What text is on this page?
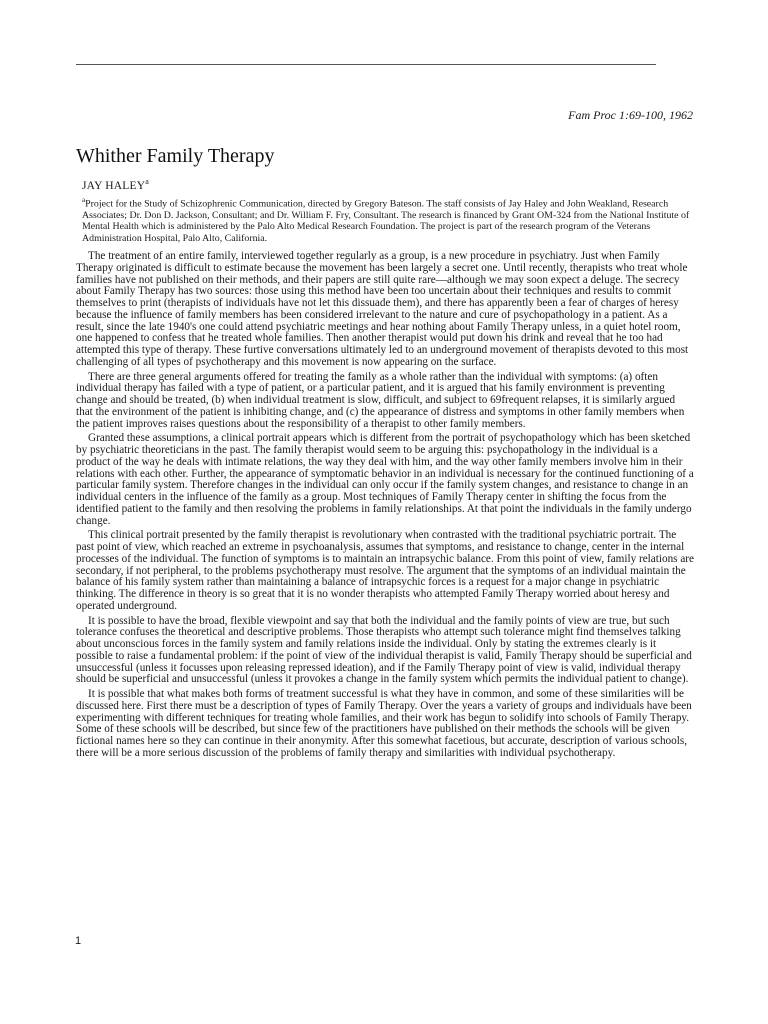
Fam Proc 1:69-100, 1962
Whither Family Therapy
JAY HALEY$^a$

$^a$Project for the Study of Schizophrenic Communication, directed by Gregory Bateson. The staff consists of Jay Haley and John Weakland, Research Associates; Dr. Don D. Jackson, Consultant; and Dr. William F. Fry, Consultant. The research is financed by Grant OM-324 from the National Institute of Mental Health which is administered by the Palo Alto Medical Research Foundation. The project is part of the research program of the Veterans Administration Hospital, Palo Alto, California.

The treatment of an entire family, interviewed together regularly as a group, is a new procedure in psychiatry. Just when Family Therapy originated is difficult to estimate because the movement has been largely a secret one. Until recently, therapists who treat whole families have not published on their methods, and their papers are still quite rare—although we may soon expect a deluge. The secrecy about Family Therapy has two sources: those using this method have been too uncertain about their techniques and results to commit themselves to print (therapists of individuals have not let this dissuade them), and there has apparently been a fear of charges of heresy because the influence of family members has been considered irrelevant to the nature and cure of psychopathology in a patient. As a result, since the late 1940's one could attend psychiatric meetings and hear nothing about Family Therapy unless, in a quiet hotel room, one happened to confess that he treated whole families. Then another therapist would put down his drink and reveal that he too had attempted this type of therapy. These furtive conversations ultimately led to an underground movement of therapists devoted to this most challenging of all types of psychotherapy and this movement is now appearing on the surface.

There are three general arguments offered for treating the family as a whole rather than the individual with symptoms: (a) often individual therapy has failed with a type of patient, or a particular patient, and it is argued that his family environment is preventing change and should be treated, (b) when individual treatment is slow, difficult, and subject to 69frequent relapses, it is similarly argued that the environment of the patient is inhibiting change, and (c) the appearance of distress and symptoms in other family members when the patient improves raises questions about the responsibility of a therapist to other family members.

Granted these assumptions, a clinical portrait appears which is different from the portrait of psychopathology which has been sketched by psychiatric theoreticians in the past. The family therapist would seem to be arguing this: psychopathology in the individual is a product of the way he deals with intimate relations, the way they deal with him, and the way other family members involve him in their relations with each other. Further, the appearance of symptomatic behavior in an individual is necessary for the continued functioning of a particular family system. Therefore changes in the individual can only occur if the family system changes, and resistance to change in an individual centers in the influence of the family as a group. Most techniques of Family Therapy center in shifting the focus from the identified patient to the family and then resolving the problems in family relationships. At that point the individuals in the family undergo change.

This clinical portrait presented by the family therapist is revolutionary when contrasted with the traditional psychiatric portrait. The past point of view, which reached an extreme in psychoanalysis, assumes that symptoms, and resistance to change, center in the internal processes of the individual. The function of symptoms is to maintain an intrapsychic balance. From this point of view, family relations are secondary, if not peripheral, to the problems psychotherapy must resolve. The argument that the symptoms of an individual maintain the balance of his family system rather than maintaining a balance of intrapsychic forces is a request for a major change in psychiatric thinking. The difference in theory is so great that it is no wonder therapists who attempted Family Therapy worried about heresy and operated underground.

It is possible to have the broad, flexible viewpoint and say that both the individual and the family points of view are true, but such tolerance confuses the theoretical and descriptive problems. Those therapists who attempt such tolerance might find themselves talking about unconscious forces in the family system and family relations inside the individual. Only by stating the extremes clearly is it possible to raise a fundamental problem: if the point of view of the individual therapist is valid, Family Therapy should be superficial and unsuccessful (unless it focusses upon releasing repressed ideation), and if the Family Therapy point of view is valid, individual therapy should be superficial and unsuccessful (unless it provokes a change in the family system which permits the individual patient to change).

It is possible that what makes both forms of treatment successful is what they have in common, and some of these similarities will be discussed here. First there must be a description of types of Family Therapy. Over the years a variety of groups and individuals have been experimenting with different techniques for treating whole families, and their work has begun to solidify into schools of Family Therapy. Some of these schools will be described, but since few of the practitioners have published on their methods the schools will be given fictional names here so they can continue in their anonymity. After this somewhat facetious, but accurate, description of various schools, there will be a more serious discussion of the problems of family therapy and similarities with individual psychotherapy.

1
